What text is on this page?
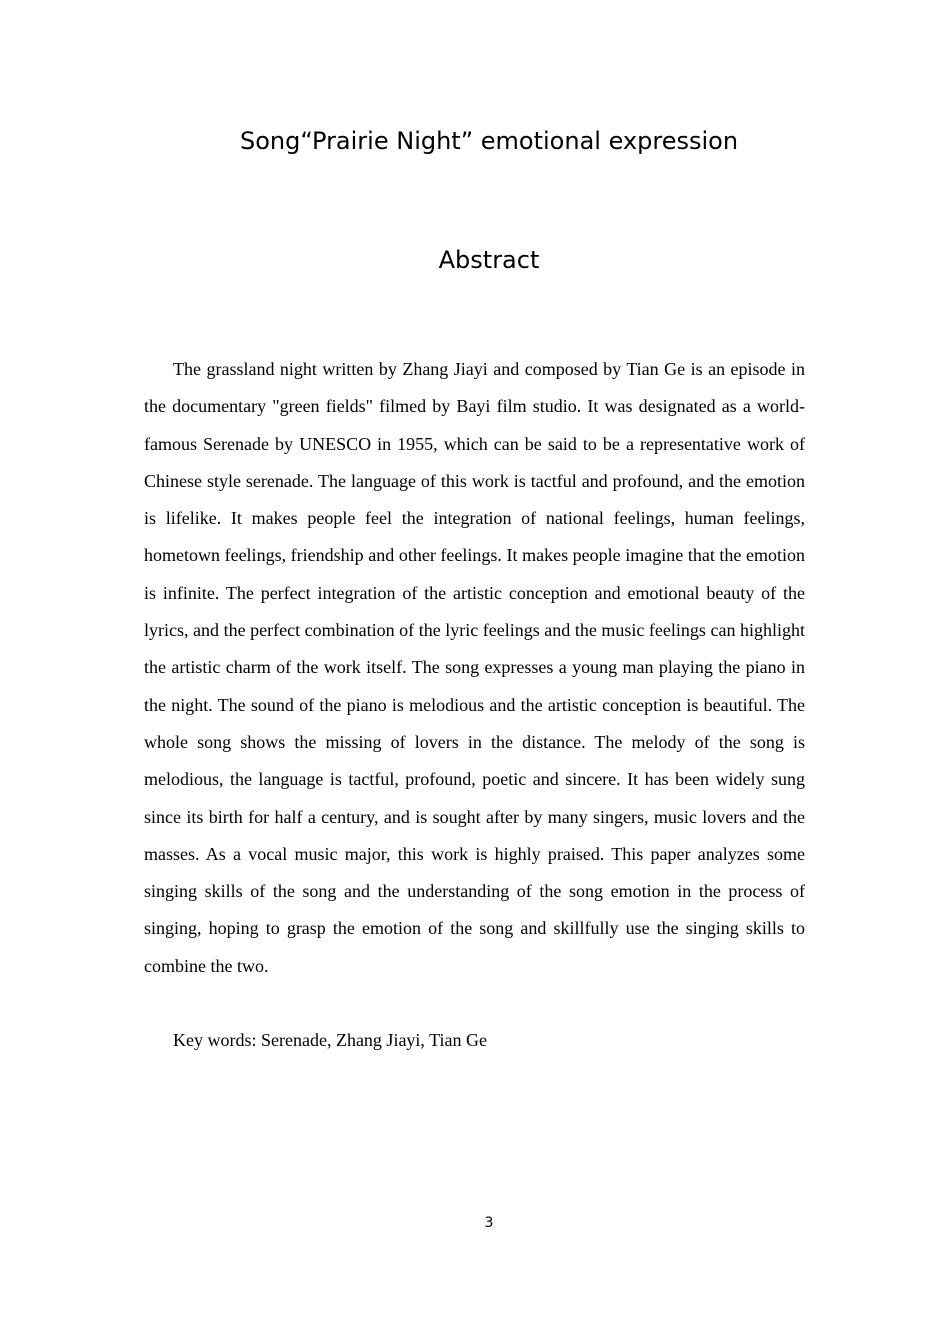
Song“Prairie Night” emotional expression
Abstract

The grassland night written by Zhang Jiayi and composed by Tian Ge is an episode in the documentary "green fields" filmed by Bayi film studio. It was designated as a world-famous Serenade by UNESCO in 1955, which can be said to be a representative work of Chinese style serenade. The language of this work is tactful and profound, and the emotion is lifelike. It makes people feel the integration of national feelings, human feelings, hometown feelings, friendship and other feelings. It makes people imagine that the emotion is infinite. The perfect integration of the artistic conception and emotional beauty of the lyrics, and the perfect combination of the lyric feelings and the music feelings can highlight the artistic charm of the work itself. The song expresses a young man playing the piano in the night. The sound of the piano is melodious and the artistic conception is beautiful. The whole song shows the missing of lovers in the distance. The melody of the song is melodious, the language is tactful, profound, poetic and sincere. It has been widely sung since its birth for half a century, and is sought after by many singers, music lovers and the masses. As a vocal music major, this work is highly praised. This paper analyzes some singing skills of the song and the understanding of the song emotion in the process of singing, hoping to grasp the emotion of the song and skillfully use the singing skills to combine the two.

Key words: Serenade, Zhang Jiayi, Tian Ge

3
